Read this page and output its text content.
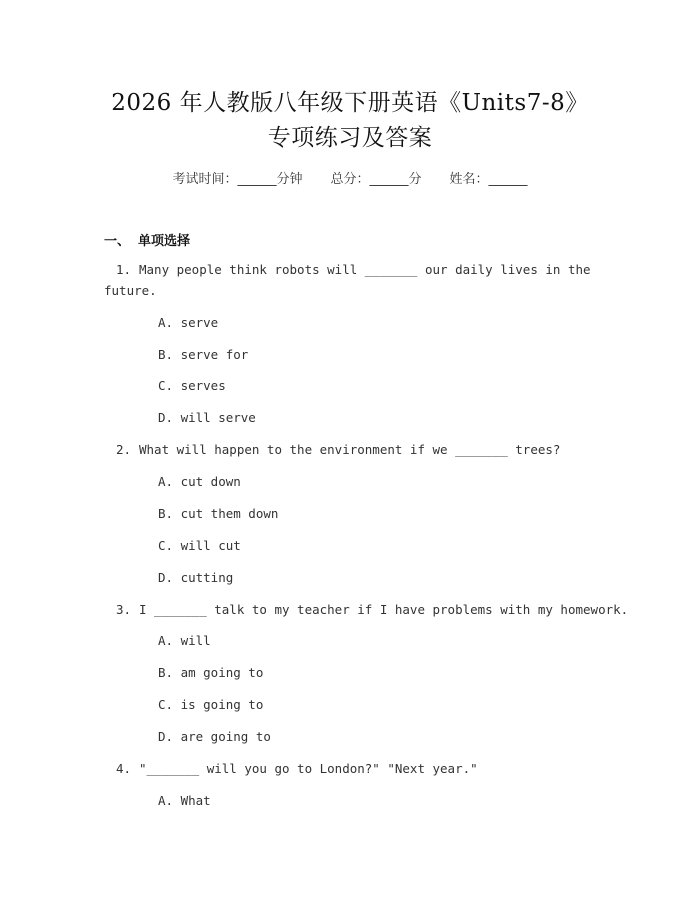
2026 年人教版八年级下册英语《Units7-8》
专项练习及答案
考试时间：______分钟 总分：______分 姓名：______
一、 单项选择
1. Many people think robots will _______ our daily lives in the
future.
A. serve
B. serve for
C. serves
D. will serve
2. What will happen to the environment if we _______ trees?
A. cut down
B. cut them down
C. will cut
D. cutting
3. I _______ talk to my teacher if I have problems with my homework.
A. will
B. am going to
C. is going to
D. are going to
4. "_______ will you go to London?" "Next year."
A. What
